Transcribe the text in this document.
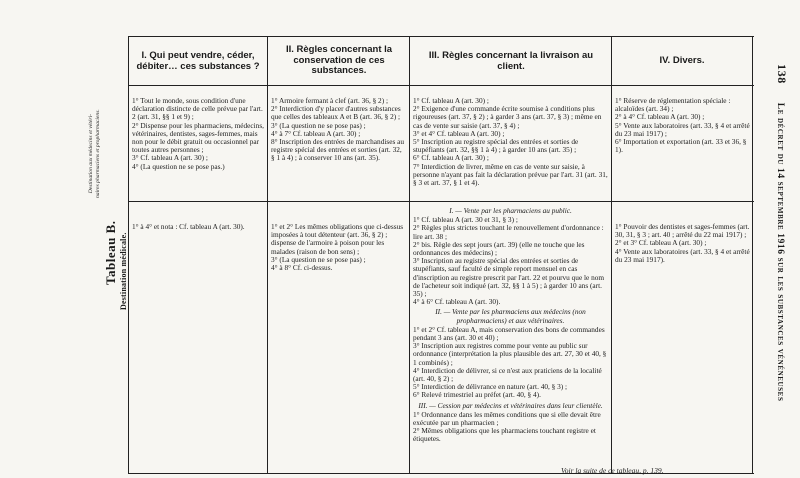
Tableau B.
Destination aux médecins et vétéri- naires pharmaciens et propharmaciens.
Destination médicale.
138 Le décret du 14 septembre 1916 sur les substances vénéneuses
I. Qui peut vendre, céder, débiter… ces substances ?
II. Règles concernant la conservation de ces substances.
III. Règles concernant la livraison au client.	IV. Divers.
1° Tout le monde, sous condition d'une déclaration distincte de celle prévue par l'art. 2 (art. 31, §§ 1 et 9) ;
2° Dispense pour les pharmaciens, médecins, vétérinaires, dentistes, sages-femmes, mais non pour le débit gratuit ou occasionnel par toutes autres personnes ;
3° Cf. tableau A (art. 30) ;
4° (La question ne se pose pas.)
1° Armoire fermant à clef (art. 36, § 2) ;
2° Interdiction d'y placer d'autres substances que celles des tableaux A et B (art. 36, § 2) ;
3° (La question ne se pose pas) ;
4° à 7° Cf. tableau A (art. 30) ;
8° Inscription des entrées de marchandises au registre spécial des entrées et sorties (art. 32, § 1 à 4) ; à conserver 10 ans (art. 35).
1° Cf. tableau A (art. 30) ;
2° Exigence d'une commande écrite soumise à conditions plus rigoureuses (art. 37, § 2) ; à garder 3 ans (art. 37, § 3) ; même en cas de vente sur saisie (art. 37, § 4) ;
3° et 4° Cf. tableau A (art. 30) ;
5° Inscription au registre spécial des entrées et sorties de stupéfiants (art. 32, §§ 1 à 4) ; à garder 10 ans (art. 35) ;
6° Cf. tableau A (art. 30) ;
7° Interdiction de livrer, même en cas de vente sur saisie, à personne n'ayant pas fait la déclaration prévue par l'art. 31 (art. 31, § 3 et art. 37, § 1 et 4).
1° Réserve de réglementation spéciale : alcaloïdes (art. 34) ;
2° à 4° Cf. tableau A (art. 30) ;
5° Vente aux laboratoires (art. 33, § 4 et arrêté du 23 mai 1917) ;
6° Importation et exportation (art. 33 et 36, § 1).
1° à 4° et nota : Cf. tableau A (art. 30).	1° et 2° Les mêmes obligations que ci-dessus imposées à tout détenteur (art. 36, § 2) ; dispense de l'armoire à poison pour les malades (raison de bon sens) ;
3° (La question ne se pose pas) ;
4° à 8° Cf. ci-dessus.
I. — Vente par les pharmaciens au public.
1° Cf. tableau A (art. 30 et 31, § 3) ;
2° Règles plus strictes touchant le renouvellement d'ordonnance : lire art. 38 ;
2° bis. Règle des sept jours (art. 39) (elle ne touche que les ordonnances des médecins) ;
3° Inscription au registre spécial des entrées et sorties de stupéfiants, sauf faculté de simple report mensuel en cas d'inscription au registre prescrit par l'art. 22 et pourvu que le nom de l'acheteur soit indiqué (art. 32, §§ 1 à 5) ; à garder 10 ans (art. 35) ;
4° à 6° Cf. tableau A (art. 30).
II. — Vente par les pharmaciens aux médecins (non propharmaciens) et aux vétérinaires.
1° et 2° Cf. tableau A, mais conservation des bons de commandes pendant 3 ans (art. 30 et 40) ;
3° Inscription aux registres comme pour vente au public sur ordonnance (interprétation la plus plausible des art. 27, 30 et 40, § 1 combinés) ;
4° Interdiction de délivrer, si ce n'est aux praticiens de la localité (art. 40, § 2) ;
5° Interdiction de délivrance en nature (art. 40, § 3) ;
6° Relevé trimestriel au préfet (art. 40, § 4).
III. — Cession par médecins et vétérinaires dans leur clientèle.
1° Ordonnance dans les mêmes conditions que si elle devait être exécutée par un pharmacien ;
2° Mêmes obligations que les pharmaciens touchant registre et étiquetes.
1° Pouvoir des dentistes et sages-femmes (art. 30, 31, § 3 ; art. 40 ; arrêté du 22 mai 1917) ;
2° et 3° Cf. tableau A (art. 30) ;
4° Vente aux laboratoires (art. 33, § 4 et arrêté du 23 mai 1917).
Voir la suite de ce tableau, p. 139.
